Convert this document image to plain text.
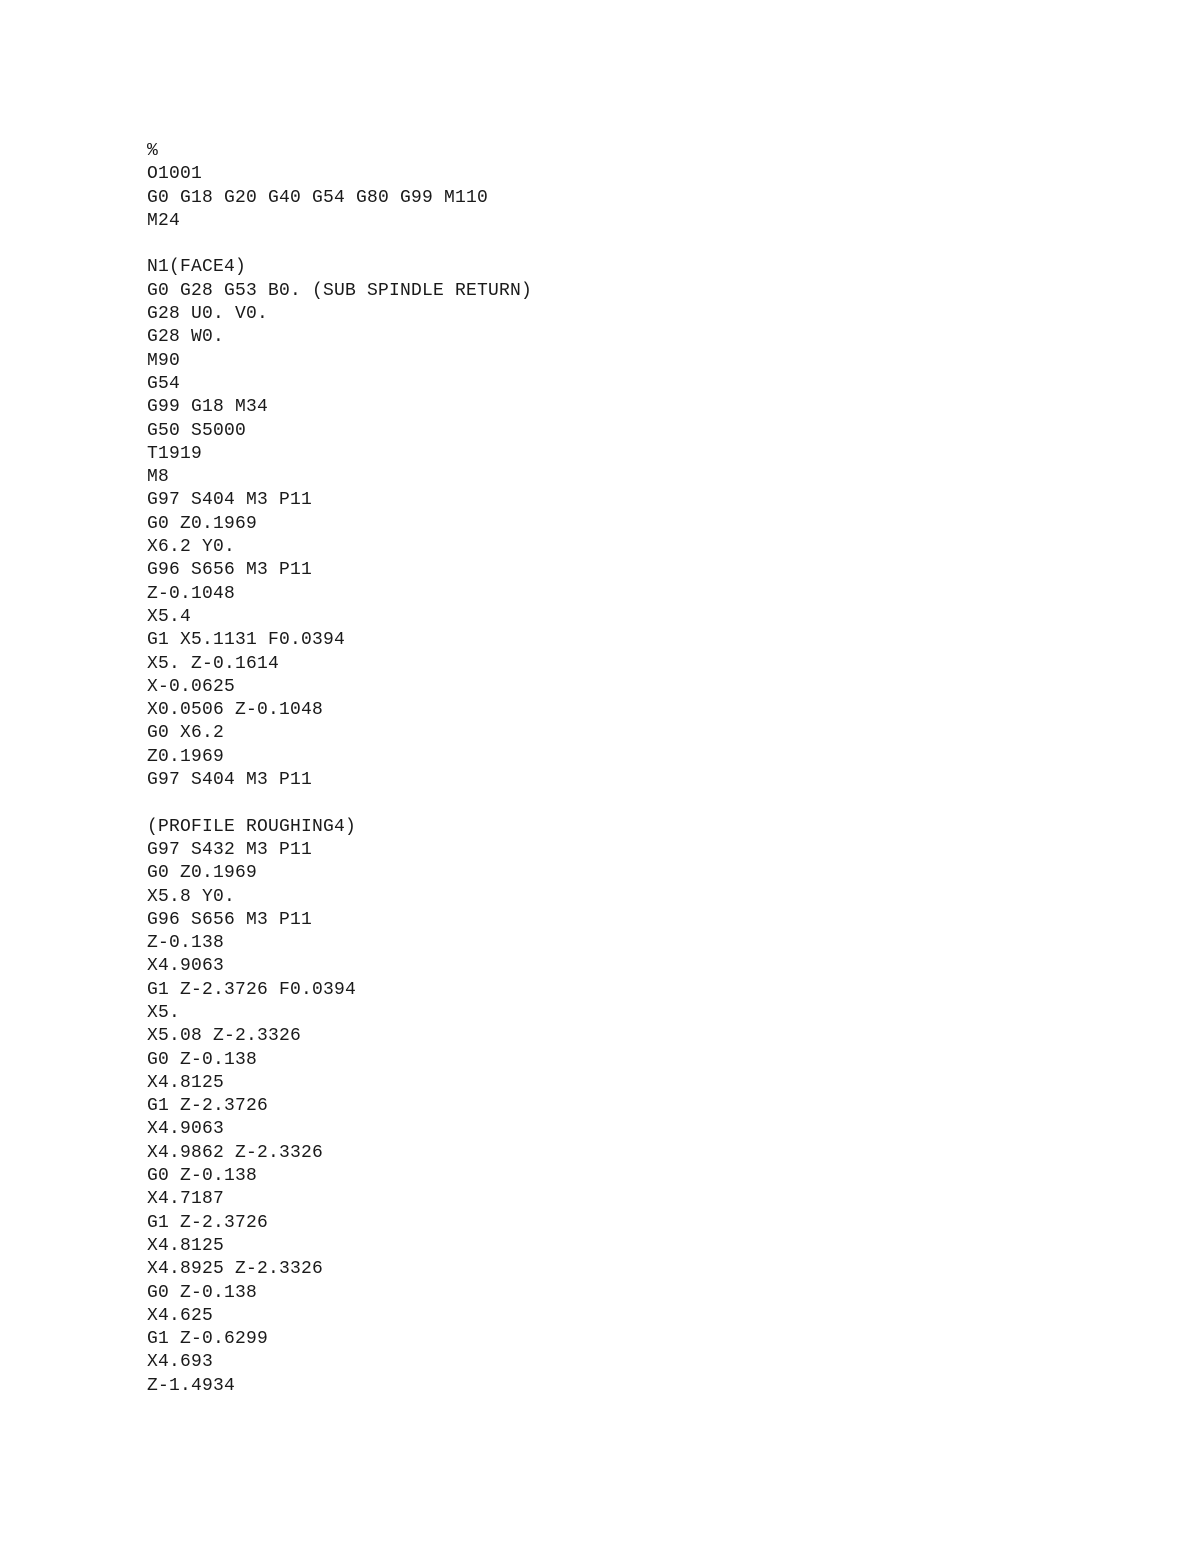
%
O1001
G0 G18 G20 G40 G54 G80 G99 M110
M24
N1(FACE4)
G0 G28 G53 B0. (SUB SPINDLE RETURN)
G28 U0. V0.
G28 W0.
M90
G54
G99 G18 M34
G50 S5000
T1919
M8
G97 S404 M3 P11
G0 Z0.1969
X6.2 Y0.
G96 S656 M3 P11
Z-0.1048
X5.4
G1 X5.1131 F0.0394
X5. Z-0.1614
X-0.0625
X0.0506 Z-0.1048
G0 X6.2
Z0.1969
G97 S404 M3 P11
(PROFILE ROUGHING4)
G97 S432 M3 P11
G0 Z0.1969
X5.8 Y0.
G96 S656 M3 P11
Z-0.138
X4.9063
G1 Z-2.3726 F0.0394
X5.
X5.08 Z-2.3326
G0 Z-0.138
X4.8125
G1 Z-2.3726
X4.9063
X4.9862 Z-2.3326
G0 Z-0.138
X4.7187
G1 Z-2.3726
X4.8125
X4.8925 Z-2.3326
G0 Z-0.138
X4.625
G1 Z-0.6299
X4.693
Z-1.4934
